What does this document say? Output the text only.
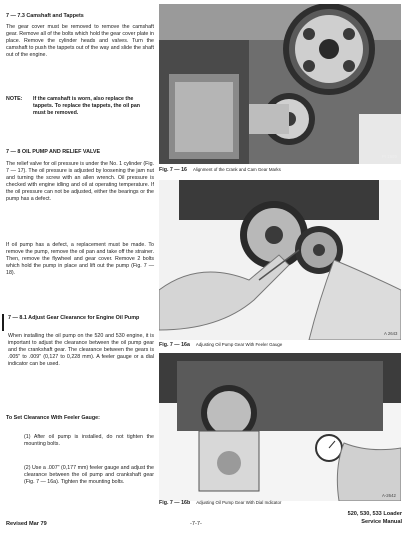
7 — 7.3 Camshaft and Tappets
The gear cover must be removed to remove the camshaft gear. Remove all of the bolts which hold the gear cover plate in place. Remove the cylinder heads and valves. Turn the camshaft to push the tappets out of the way and slide the shaft out of the engine.
NOTE:	If the camshaft is worn, also replace the tappets. To replace the tappets, the oil pan must be removed.
7 — 8 OIL PUMP AND RELIEF VALVE
The relief valve for oil pressure is under the No. 1 cylinder (Fig. 7 — 17). The oil pressure is adjusted by loosening the jam nut and turning the screw with an allen wrench. Oil pressure is checked with engine idling and oil at operating temperature. If the oil pressure can not be adjusted, either the bearings or the pump has a defect.
If oil pump has a defect, a replacement must be made. To remove the pump, remove the oil pan and take off the strainer. Then, remove the flywheel and gear cover. Remove 2 bolts which hold the pump in place and lift out the pump (Fig. 7 — 18).
7 — 8.1 Adjust Gear Clearance for Engine Oil Pump
When installing the oil pump on the 520 and 530 engine, it is important to adjust the clearance between the oil pump gear and the crankshaft gear. The clearance between the gears is .005" to .009" (0,127 to 0,228 mm). A feeler gauge or a dial indicator can be used.
To Set Clearance With Feeler Gauge:
(1) After oil pump is installed, do not tighten the mounting bolts.
(2) Use a .007" (0,177 mm) feeler gauge and adjust the clearance between the oil pump and crankshaft gear (Fig. 7 — 16a). Tighten the mounting bolts.
PI 1909
Fig. 7 — 16 Alignment of the Crank and Cam Gear Marks
A 2643
Fig. 7 — 16a Adjusting Oil Pump Gear With Feeler Gauge
A-2642
Fig. 7 — 16b Adjusting Oil Pump Gear With Dial Indicator
Revised Mar 79	-7-7-
520, 530, 533 Loader
Service Manual
